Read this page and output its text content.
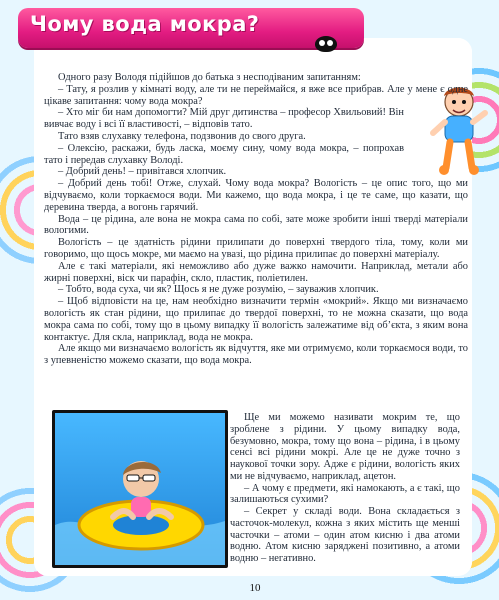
Чому вода мокра?

Одного разу Володя підійшов до батька з несподіваним запитанням:

– Тату, я розлив у кімнаті воду, але ти не переймайся, я вже все прибрав. Але у мене є одне цікаве запитання: чому вода мокра?

– Хто міг би нам допомогти? Мій друг дитинства – професор Хвильовий! Він вивчає воду і всі її властивості, – відповів тато.

Тато взяв слухавку телефона, подзвонив до свого друга.

– Олексію, раскажи, будь ласка, моєму сину, чому вода мокра, – попрохав тато і передав слухавку Володі.

– Добрий день! – привітався хлопчик.

– Добрий день тобі! Отже, слухай. Чому вода мокра? Вологість – це опис того, що ми відчуваємо, коли торкаємося води. Ми кажемо, що вода мокра, і це те саме, що казати, що деревина тверда, а вогонь гарячий.

Вода – це рідина, але вона не мокра сама по собі, зате може зробити інші тверді матеріали вологими.

Вологість – це здатність рідини прилипати до поверхні твердого тіла, тому, коли ми говоримо, що щось мокре, ми маємо на увазі, що рідина прилипає до поверхні матеріалу.

Але є такі матеріали, які неможливо або дуже важко намочити. Наприклад, метали або жирні поверхні, віск чи парафін, скло, пластик, поліетилен.

– Тобто, вода суха, чи як? Щось я не дуже розумію, – зауважив хлопчик.

– Щоб відповісти на це, нам необхідно визначити термін «мокрий». Якщо ми визначаємо вологість як стан рідини, що прилипає до твердої поверхні, то не можна сказати, що вода мокра сама по собі, тому що в цьому випадку її вологість залежатиме від об’єкта, з яким вона контактує. Для скла, наприклад, вода не мокра.

Але якщо ми визначаємо вологість як відчуття, яке ми отримуємо, коли торкаємося води, то з упевненістю можемо сказати, що вода мокра.

Ще ми можемо називати мокрим те, що зроблене з рідини. У цьому випадку вода, безумовно, мокра, тому що вона – рідина, і в цьому сенсі всі рідини мокрі. Але це не дуже точно з наукової точки зору. Адже є рідини, вологість яких ми не відчуваємо, наприклад, ацетон.

– А чому є предмети, які намокають, а є такі, що залишаються сухими?

– Секрет у складі води. Вона складається з часточок-молекул, кожна з яких містить ще менші часточки – атоми – один атом кисню і два атоми водню. Атом кисню заряджені позитивно, а атоми водню – негативно.

10
